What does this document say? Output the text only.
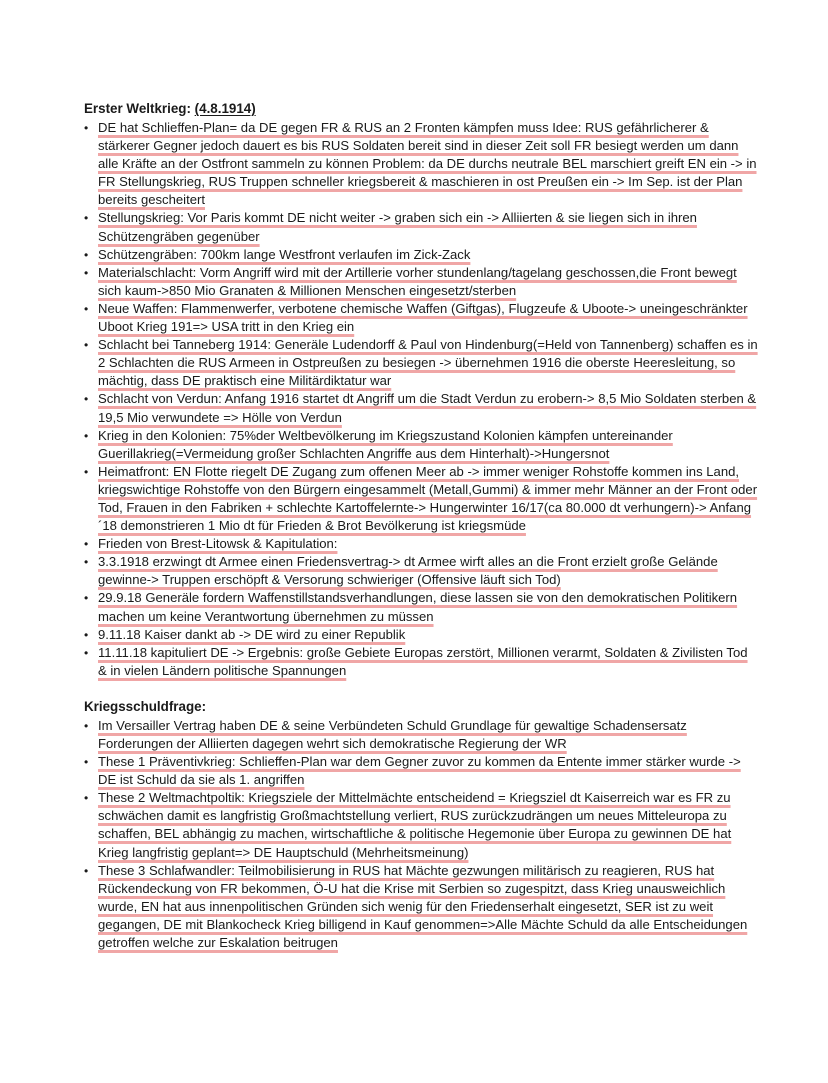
Erster Weltkrieg: (4.8.1914)
• DE hat Schlieffen-Plan= da DE gegen FR & RUS an 2 Fronten kämpfen muss Idee: RUS gefährlicherer & stärkerer Gegner jedoch dauert es bis RUS Soldaten bereit sind in dieser Zeit soll FR besiegt werden um dann alle Kräfte an der Ostfront sammeln zu können Problem: da DE durchs neutrale BEL marschiert greift EN ein -> in FR Stellungskrieg, RUS Truppen schneller kriegsbereit & maschieren in ost Preußen ein -> Im Sep. ist der Plan bereits gescheitert
• Stellungskrieg: Vor Paris kommt DE nicht weiter -> graben sich ein -> Alliierten & sie liegen sich in ihren Schützengräben gegenüber
• Schützengräben: 700km lange Westfront verlaufen im Zick-Zack
• Materialschlacht: Vorm Angriff wird mit der Artillerie vorher stundenlang/tagelang geschossen,die Front bewegt sich kaum->850 Mio Granaten & Millionen Menschen eingesetzt/sterben
• Neue Waffen: Flammenwerfer, verbotene chemische Waffen (Giftgas), Flugzeufe & Uboote-> uneingeschränkter Uboot Krieg 191=> USA tritt in den Krieg ein
• Schlacht bei Tanneberg 1914: Generäle Ludendorff & Paul von Hindenburg(=Held von Tannenberg) schaffen es in 2 Schlachten die RUS Armeen in Ostpreußen zu besiegen -> übernehmen 1916 die oberste Heeresleitung, so mächtig, dass DE praktisch eine Militärdiktatur war
• Schlacht von Verdun: Anfang 1916 startet dt Angriff um die Stadt Verdun zu erobern-> 8,5 Mio Soldaten sterben & 19,5 Mio verwundete => Hölle von Verdun
• Krieg in den Kolonien: 75%der Weltbevölkerung im Kriegszustand Kolonien kämpfen untereinander Guerillakrieg(=Vermeidung großer Schlachten Angriffe aus dem Hinterhalt)->Hungersnot
• Heimatfront: EN Flotte riegelt DE Zugang zum offenen Meer ab -> immer weniger Rohstoffe kommen ins Land, kriegswichtige Rohstoffe von den Bürgern eingesammelt (Metall,Gummi) & immer mehr Männer an der Front oder Tod, Frauen in den Fabriken + schlechte Kartoffelernte-> Hungerwinter 16/17(ca 80.000 dt verhungern)-> Anfang ´18 demonstrieren 1 Mio dt für Frieden & Brot Bevölkerung ist kriegsmüde
• Frieden von Brest-Litowsk & Kapitulation:
• 3.3.1918 erzwingt dt Armee einen Friedensvertrag-> dt Armee wirft alles an die Front erzielt große Gelände gewinne-> Truppen erschöpft & Versorung schwieriger (Offensive läuft sich Tod)
• 29.9.18 Generäle fordern Waffenstillstandsverhandlungen, diese lassen sie von den demokratischen Politikern machen um keine Verantwortung übernehmen zu müssen
• 9.11.18 Kaiser dankt ab -> DE wird zu einer Republik
• 11.11.18 kapituliert DE -> Ergebnis: große Gebiete Europas zerstört, Millionen verarmt, Soldaten & Zivilisten Tod & in vielen Ländern politische Spannungen
Kriegsschuldfrage:
• Im Versailler Vertrag haben DE & seine Verbündeten Schuld Grundlage für gewaltige Schadensersatz Forderungen der Alliierten dagegen wehrt sich demokratische Regierung der WR
• These 1 Präventivkrieg: Schlieffen-Plan war dem Gegner zuvor zu kommen da Entente immer stärker wurde -> DE ist Schuld da sie als 1. angriffen
• These 2 Weltmachtpoltik: Kriegsziele der Mittelmächte entscheidend = Kriegsziel dt Kaiserreich war es FR zu schwächen damit es langfristig Großmachtstellung verliert, RUS zurückzudrängen um neues Mitteleuropa zu schaffen, BEL abhängig zu machen, wirtschaftliche & politische Hegemonie über Europa zu gewinnen DE hat Krieg langfristig geplant=> DE Hauptschuld (Mehrheitsmeinung)
• These 3 Schlafwandler: Teilmobilisierung in RUS hat Mächte gezwungen militärisch zu reagieren, RUS hat Rückendeckung von FR bekommen, Ö-U hat die Krise mit Serbien so zugespitzt, dass Krieg unausweichlich wurde, EN hat aus innenpolitischen Gründen sich wenig für den Friedenserhalt eingesetzt, SER ist zu weit gegangen, DE mit Blankocheck Krieg billigend in Kauf genommen=>Alle Mächte Schuld da alle Entscheidungen getroffen welche zur Eskalation beitrugen
